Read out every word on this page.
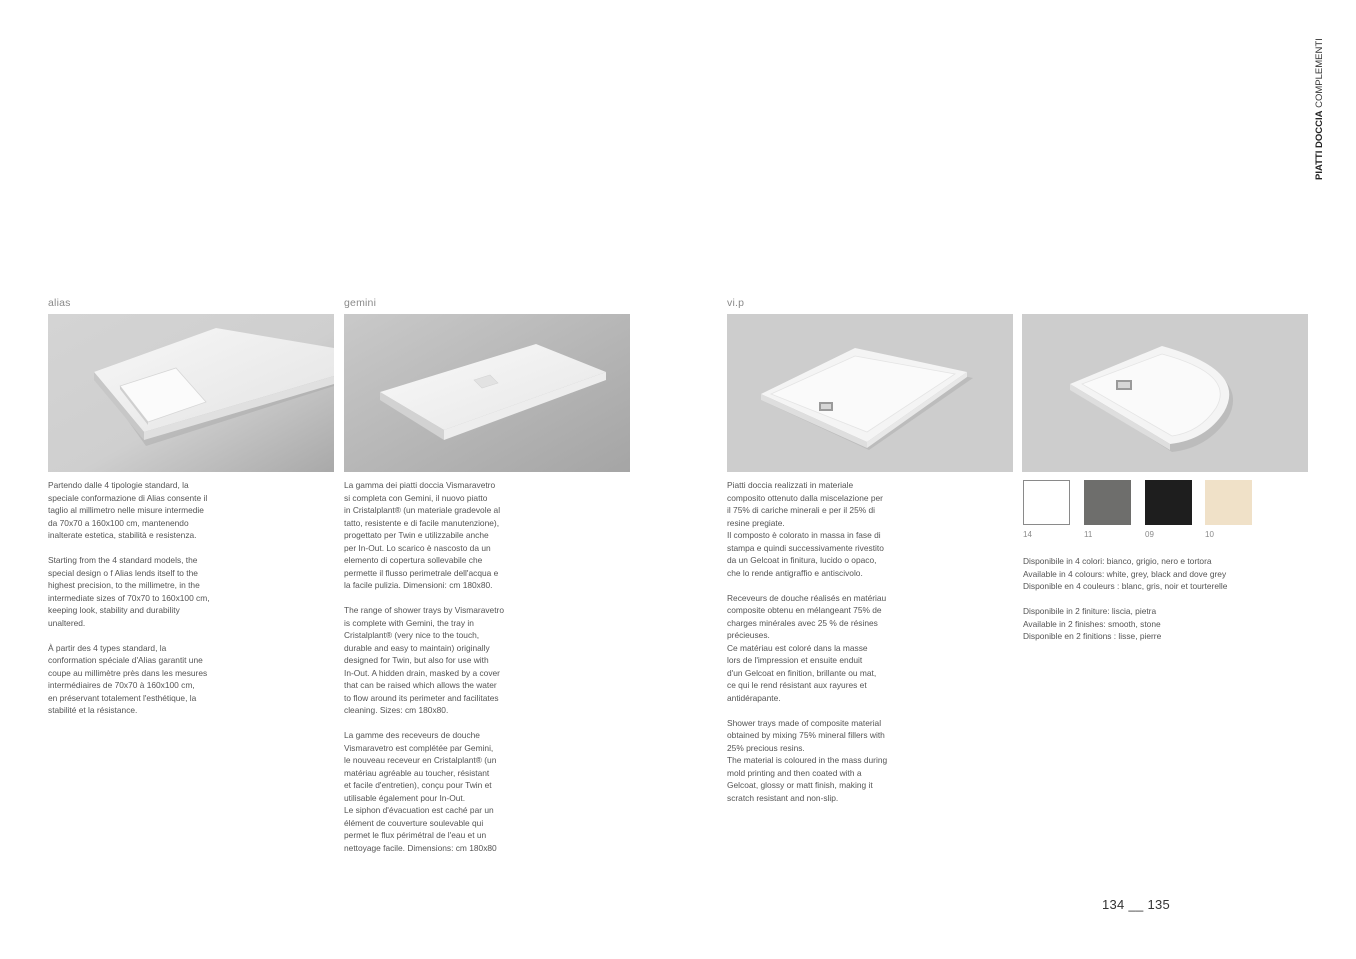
PIATTI DOCCIA COMPLEMENTI
alias	gemini	vi.p

Partendo dalle 4 tipologie standard, la
speciale conformazione di Alias consente il
taglio al millimetro nelle misure intermedie
da 70x70 a 160x100 cm, mantenendo
inalterate estetica, stabilità e resistenza.

Starting from the 4 standard models, the
special design o f Alias lends itself to the
highest precision, to the millimetre, in the
intermediate sizes of 70x70 to 160x100 cm,
keeping look, stability and durability
unaltered.

À partir des 4 types standard, la
conformation spéciale d'Alias garantit une
coupe au millimètre près dans les mesures
intermédiaires de 70x70 à 160x100 cm,
en préservant totalement l'esthétique, la
stabilité et la résistance.

La gamma dei piatti doccia Vismaravetro
si completa con Gemini, il nuovo piatto
in Cristalplant® (un materiale gradevole al
tatto, resistente e di facile manutenzione),
progettato per Twin e utilizzabile anche
per In-Out. Lo scarico è nascosto da un
elemento di copertura sollevabile che
permette il flusso perimetrale dell'acqua e
la facile pulizia. Dimensioni: cm 180x80.

The range of shower trays by Vismaravetro
is complete with Gemini, the tray in
Cristalplant® (very nice to the touch,
durable and easy to maintain) originally
designed for Twin, but also for use with
In-Out. A hidden drain, masked by a cover
that can be raised which allows the water
to flow around its perimeter and facilitates
cleaning. Sizes: cm 180x80.

La gamme des receveurs de douche
Vismaravetro est complétée par Gemini,
le nouveau receveur en Cristalplant® (un
matériau agréable au toucher, résistant
et facile d'entretien), conçu pour Twin et
utilisable également pour In-Out.
Le siphon d'évacuation est caché par un
élément de couverture soulevable qui
permet le flux périmétral de l'eau et un
nettoyage facile. Dimensions: cm 180x80

Piatti doccia realizzati in materiale
composito ottenuto dalla miscelazione per
il 75% di cariche minerali e per il 25% di
resine pregiate.
Il composto è colorato in massa in fase di
stampa e quindi successivamente rivestito
da un Gelcoat in finitura, lucido o opaco,
che lo rende antigraffio e antiscivolo.

Receveurs de douche réalisés en matériau
composite obtenu en mélangeant 75% de
charges minérales avec 25 % de résines
précieuses.
Ce matériau est coloré dans la masse
lors de l'impression et ensuite enduit
d'un Gelcoat en finition, brillante ou mat,
ce qui le rend résistant aux rayures et
antidérapante.

Shower trays made of composite material
obtained by mixing 75% mineral fillers with
25% precious resins.
The material is coloured in the mass during
mold printing and then coated with a
Gelcoat, glossy or matt finish, making it
scratch resistant and non-slip.

14	11	09	10

Disponibile in 4 colori: bianco, grigio, nero e tortora
Available in 4 colours: white, grey, black and dove grey
Disponible en 4 couleurs : blanc, gris, noir et tourterelle

Disponibile in 2 finiture: liscia, pietra
Available in 2 finishes: smooth, stone
Disponible en 2 finitions : lisse, pierre

134 __ 135
